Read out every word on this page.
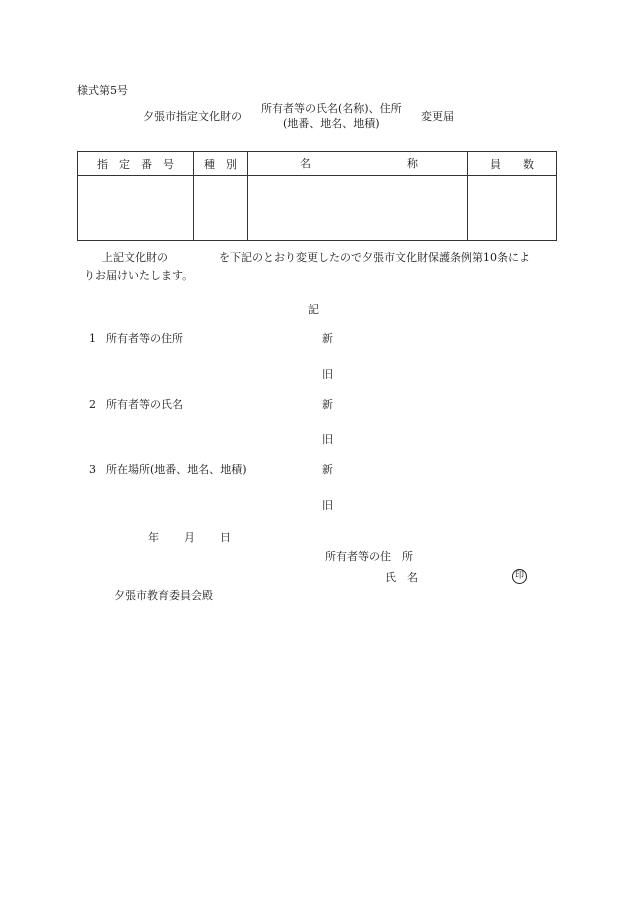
様式第5号
夕張市指定文化財の
所有者等の氏名(名称)、住所
(地番、地名、地積)
変更届
指　定　番　号	種　別	名 称	員　　数

上記文化財の	を下記のとおり変更したので夕張市文化財保護条例第10条によ
りお届けいたします。
記
1 所有者等の住所	新
旧
2 所有者等の氏名	新
旧
3 所在場所(地番、地名、地積)	新
旧
年 月 日
所有者等の住　所
氏　名	印
夕張市教育委員会殿
